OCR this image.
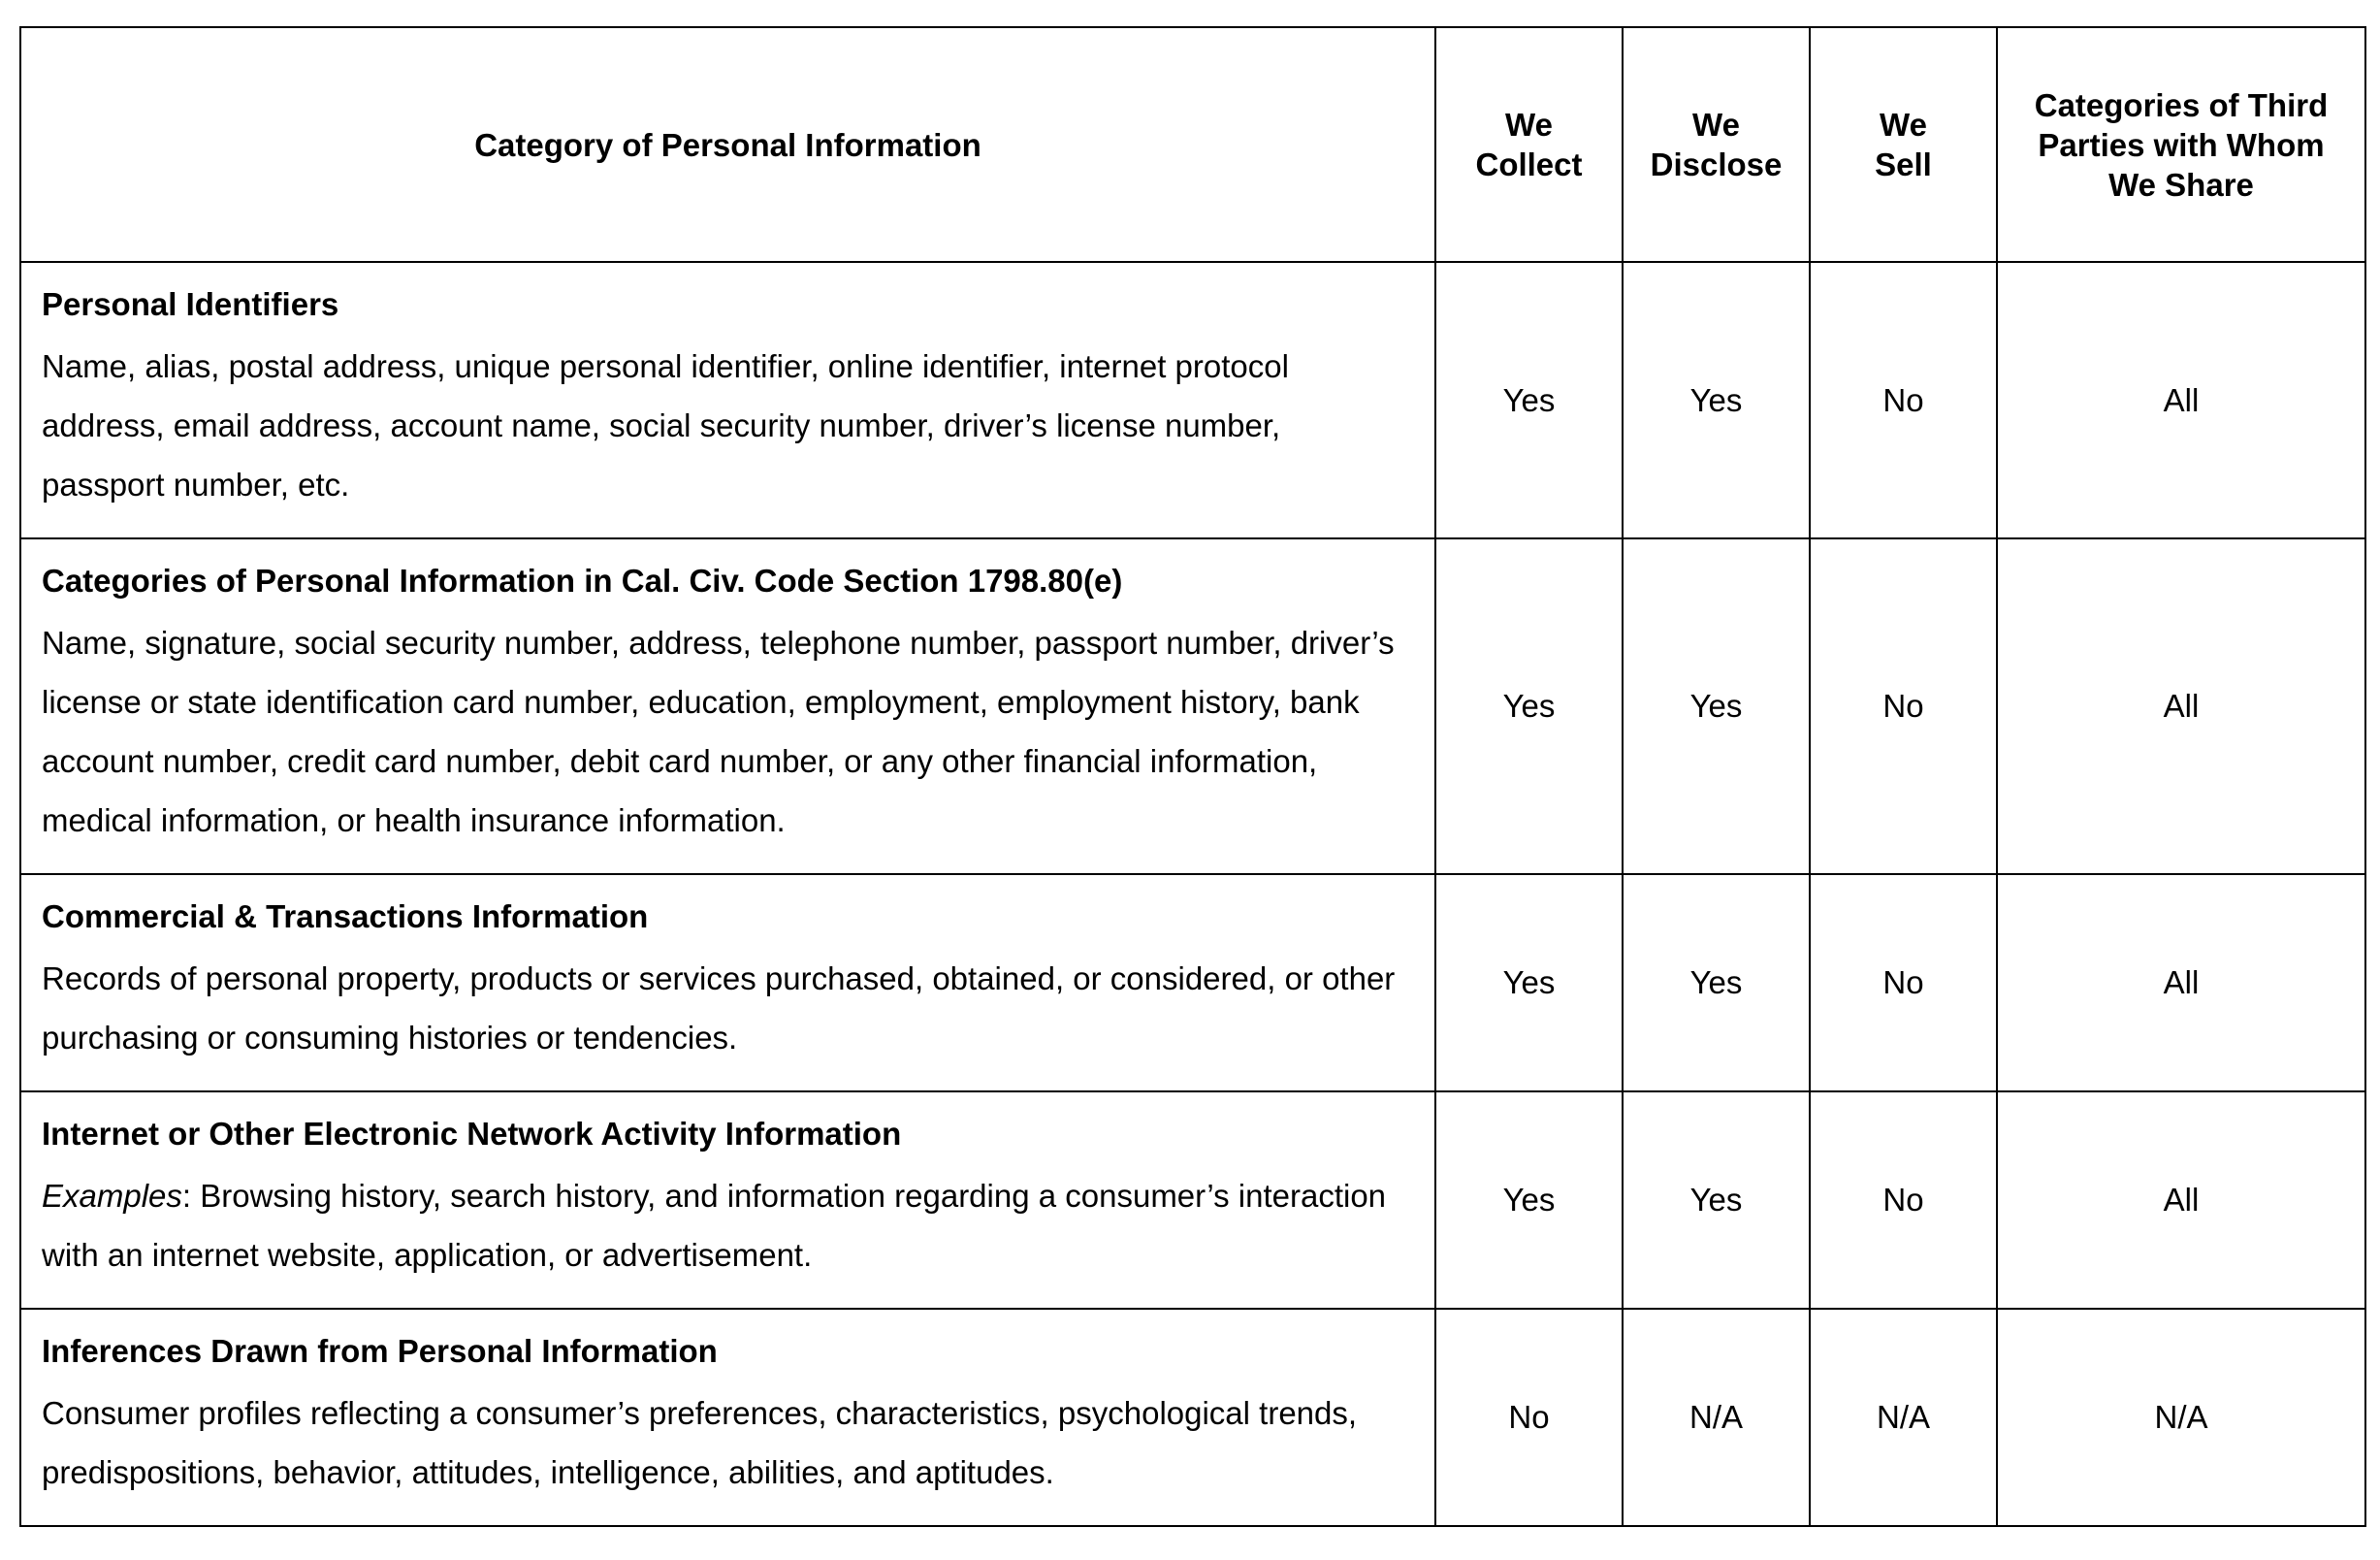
Category of Personal Information	We Collect	We Disclose	We Sell	Categories of Third Parties with Whom We Share

Personal Identifiers
Name, alias, postal address, unique personal identifier, online identifier, internet protocol address, email address, account name, social security number, driver’s license number, passport number, etc.	Yes	Yes	No	All

Categories of Personal Information in Cal. Civ. Code Section 1798.80(e)
Name, signature, social security number, address, telephone number, passport number, driver’s license or state identification card number, education, employment, employment history, bank account number, credit card number, debit card number, or any other financial information, medical information, or health insurance information.	Yes	Yes	No	All

Commercial & Transactions Information
Records of personal property, products or services purchased, obtained, or considered, or other purchasing or consuming histories or tendencies.	Yes	Yes	No	All

Internet or Other Electronic Network Activity Information
Examples: Browsing history, search history, and information regarding a consumer’s interaction with an internet website, application, or advertisement.	Yes	Yes	No	All

Inferences Drawn from Personal Information
Consumer profiles reflecting a consumer’s preferences, characteristics, psychological trends, predispositions, behavior, attitudes, intelligence, abilities, and aptitudes.	No	N/A	N/A	N/A
